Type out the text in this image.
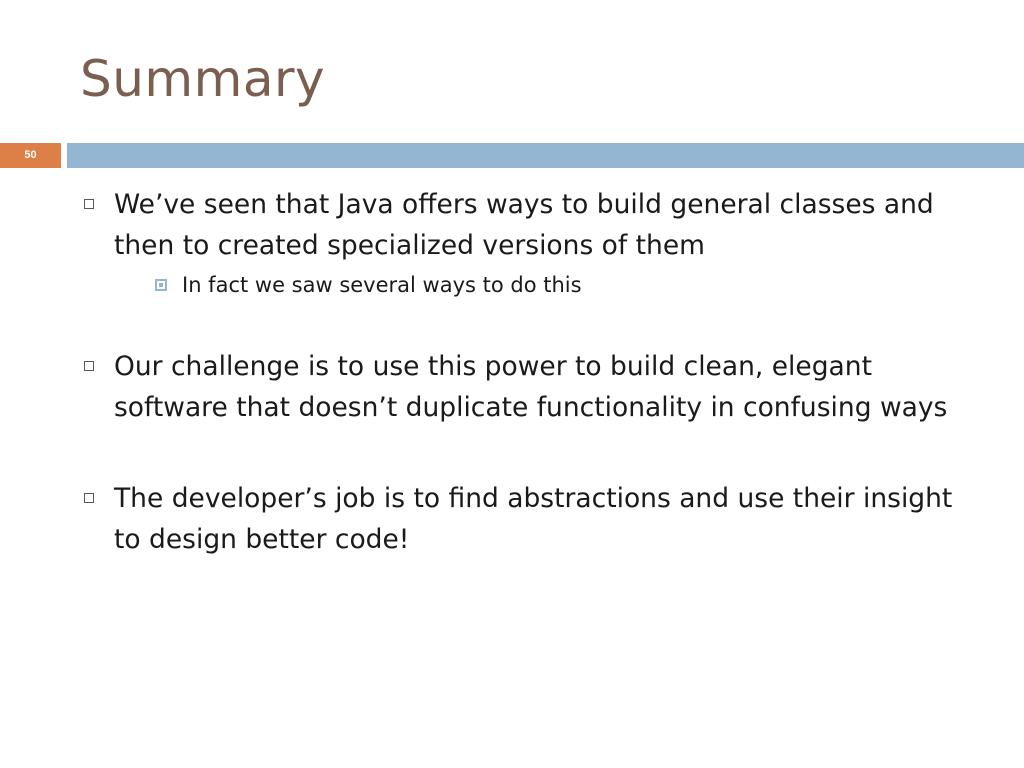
Summary
50
We’ve seen that Java offers ways to build general classes and then to created specialized versions of them
In fact we saw several ways to do this
Our challenge is to use this power to build clean, elegant software that doesn’t duplicate functionality in confusing ways
The developer’s job is to find abstractions and use their insight to design better code!
